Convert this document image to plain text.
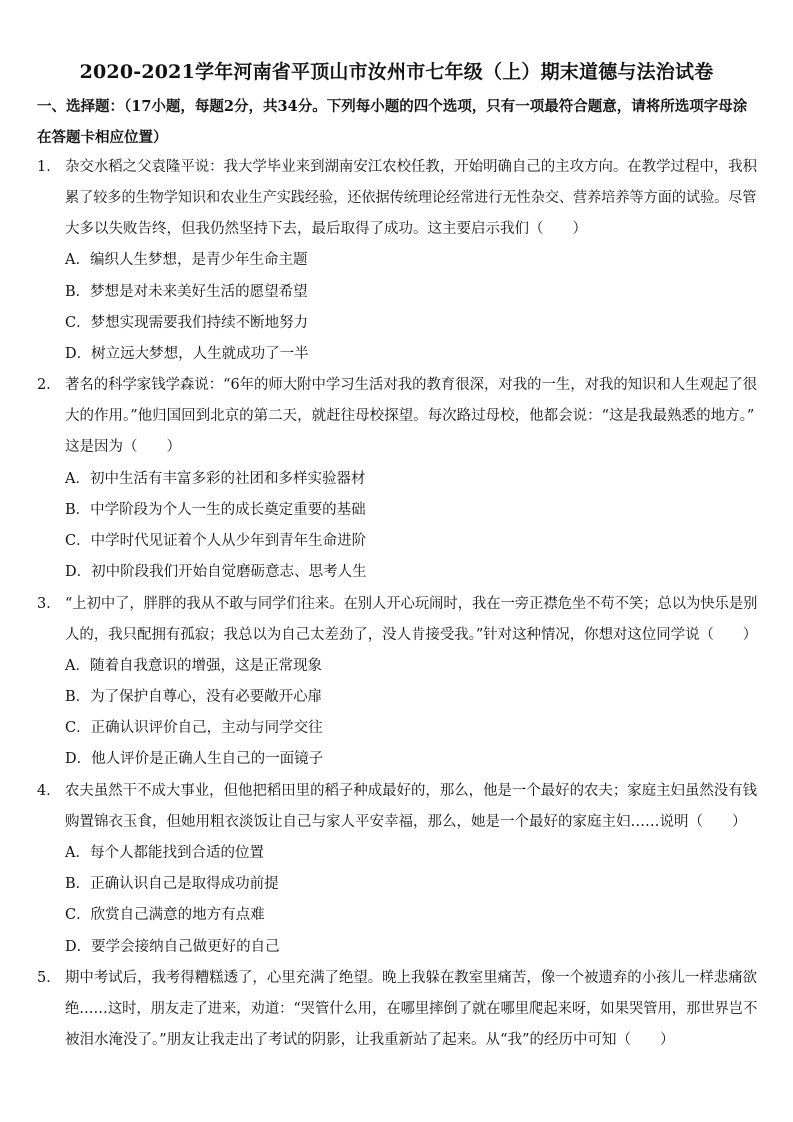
2020-2021学年河南省平顶山市汝州市七年级（上）期末道德与法治试卷
一、选择题：（17小题，每题2分，共34分。下列每小题的四个选项，只有一项最符合题意，请将所选项字母涂
在答题卡相应位置）
1． 杂交水稻之父袁隆平说：我大学毕业来到湖南安江农校任教，开始明确自己的主攻方向。在教学过程中，我积
累了较多的生物学知识和农业生产实践经验，还依据传统理论经常进行无性杂交、营养培养等方面的试验。尽管
大多以失败告终，但我仍然坚持下去，最后取得了成功。这主要启示我们（　　）
A．编织人生梦想，是青少年生命主题
B．梦想是对未来美好生活的愿望希望
C．梦想实现需要我们持续不断地努力
D．树立远大梦想，人生就成功了一半
2． 著名的科学家钱学森说：“6年的师大附中学习生活对我的教育很深，对我的一生，对我的知识和人生观起了很
大的作用。”他归国回到北京的第二天，就赶往母校探望。每次路过母校，他都会说：“这是我最熟悉的地方。”
这是因为（　　）
A．初中生活有丰富多彩的社团和多样实验器材
B．中学阶段为个人一生的成长奠定重要的基础
C．中学时代见证着个人从少年到青年生命进阶
D．初中阶段我们开始自觉磨砺意志、思考人生
3． “上初中了，胖胖的我从不敢与同学们往来。在别人开心玩闹时，我在一旁正襟危坐不苟不笑；总以为快乐是别
人的，我只配拥有孤寂；我总以为自己太差劲了，没人肯接受我。”针对这种情况，你想对这位同学说（　　）
A．随着自我意识的增强，这是正常现象
B．为了保护自尊心，没有必要敞开心扉
C．正确认识评价自己，主动与同学交往
D．他人评价是正确人生自己的一面镜子
4． 农夫虽然干不成大事业，但他把稻田里的稻子种成最好的，那么，他是一个最好的农夫；家庭主妇虽然没有钱
购置锦衣玉食，但她用粗衣淡饭让自己与家人平安幸福，那么，她是一个最好的家庭主妇……说明（　　）
A．每个人都能找到合适的位置
B．正确认识自己是取得成功前提
C．欣赏自己满意的地方有点难
D．要学会接纳自己做更好的自己
5． 期中考试后，我考得糟糕透了，心里充满了绝望。晚上我躲在教室里痛苦，像一个被遗弃的小孩儿一样悲痛欲
绝……这时，朋友走了进来，劝道：“哭管什么用，在哪里摔倒了就在哪里爬起来呀，如果哭管用，那世界岂不
被泪水淹没了。”朋友让我走出了考试的阴影，让我重新站了起来。从“我”的经历中可知（　　）
